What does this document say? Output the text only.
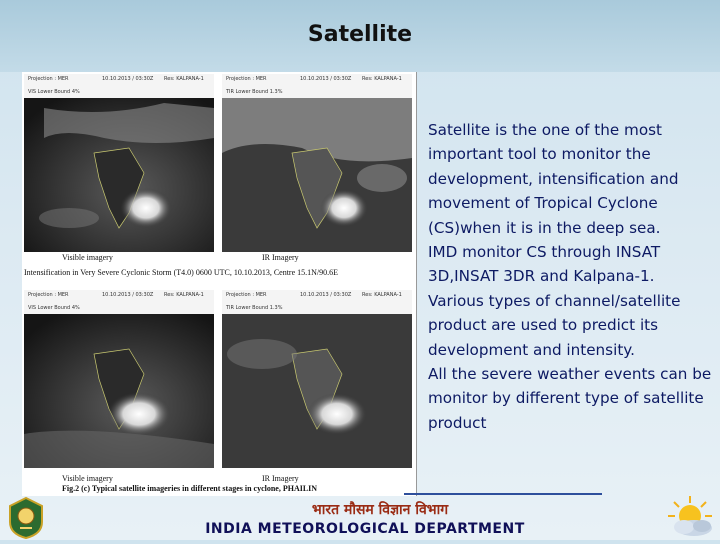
Satellite
Projection : MER	10.10.2013 / 03:30Z Res: KALPANA-1
VIS Lower Bound 4%
Visible imagery
Projection : MER	10.10.2013 / 03:30Z Res: KALPANA-1
TIR Lower Bound 1.3%
IR Imagery
Intensification in Very Severe Cyclonic Storm (T4.0) 0600 UTC, 10.10.2013, Centre 15.1N/90.6E
Projection : MER	10.10.2013 / 03:30Z Res: KALPANA-1
VIS Lower Bound 4%
Visible imagery
Projection : MER	10.10.2013 / 03:30Z Res: KALPANA-1
TIR Lower Bound 1.3%
IR Imagery
Fig.2 (c) Typical satellite imageries in different stages in cyclone, PHAILIN

Satellite is the one of the most important tool to monitor the development, intensification and movement of Tropical Cyclone (CS)when it is in the deep sea.

IMD monitor CS through INSAT 3D,INSAT 3DR and Kalpana-1.

Various types of channel/satellite product are used to predict its development and intensity.

All the severe weather events can be monitor by different type of satellite product

भारत मौसम विज्ञान विभाग
INDIA METEOROLOGICAL DEPARTMENT
